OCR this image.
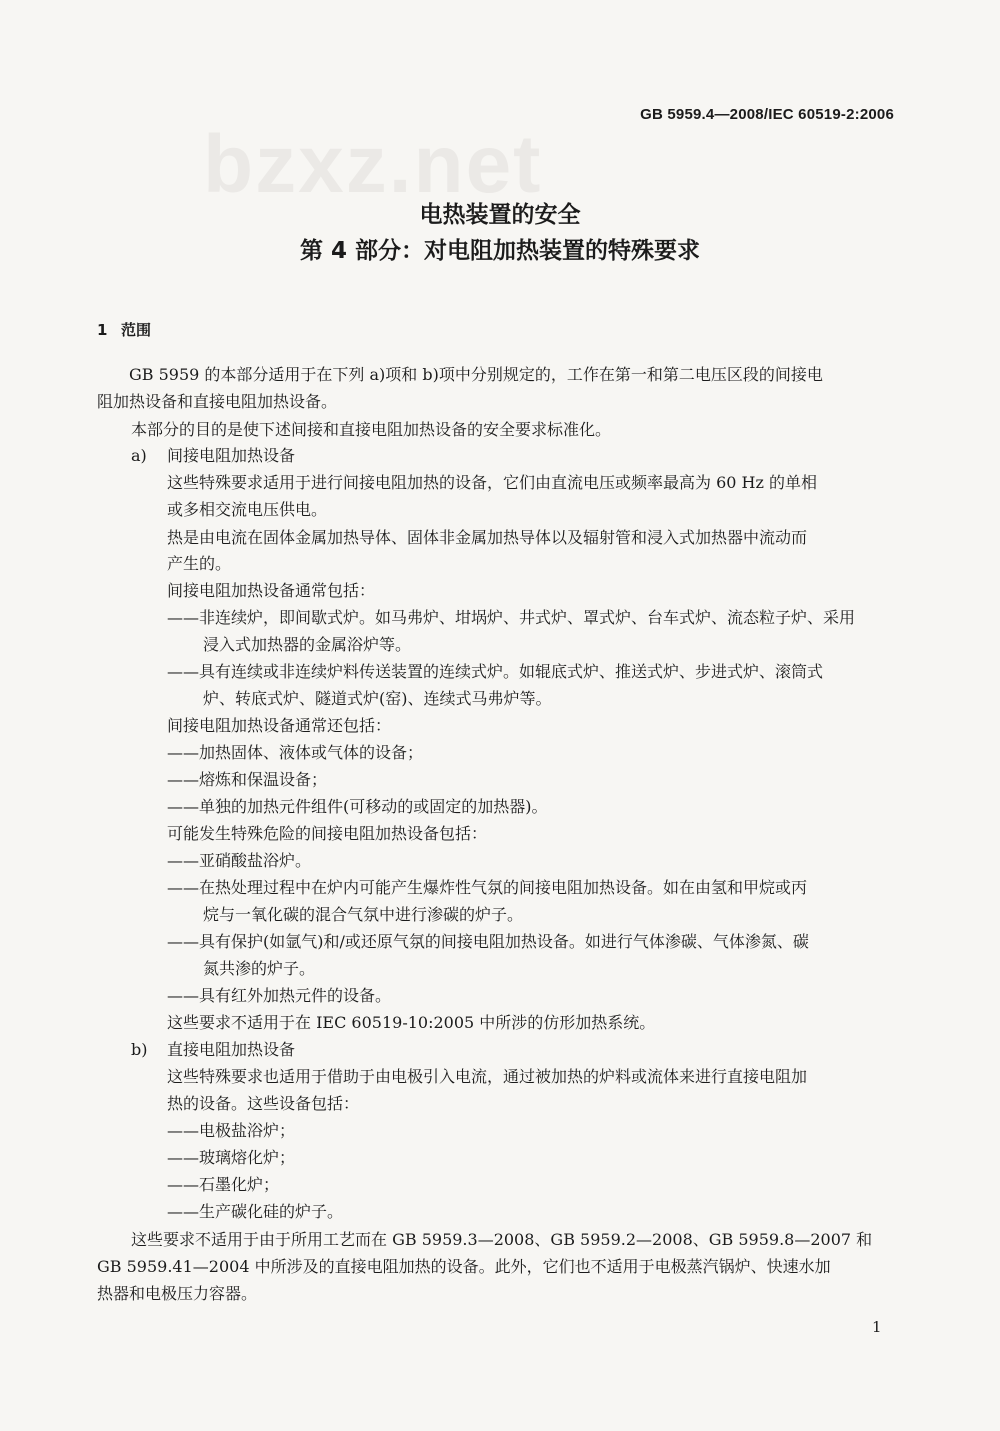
GB 5959.4—2008/IEC 60519-2:2006
bzxz.net
电热装置的安全
第 4 部分：对电阻加热装置的特殊要求
1 范围
GB 5959 的本部分适用于在下列 a)项和 b)项中分别规定的，工作在第一和第二电压区段的间接电
阻加热设备和直接电阻加热设备。
本部分的目的是使下述间接和直接电阻加热设备的安全要求标准化。
a) 间接电阻加热设备
这些特殊要求适用于进行间接电阻加热的设备，它们由直流电压或频率最高为 60 Hz 的单相
或多相交流电压供电。
热是由电流在固体金属加热导体、固体非金属加热导体以及辐射管和浸入式加热器中流动而
产生的。
间接电阻加热设备通常包括：
——非连续炉，即间歇式炉。如马弗炉、坩埚炉、井式炉、罩式炉、台车式炉、流态粒子炉、采用
浸入式加热器的金属浴炉等。
——具有连续或非连续炉料传送装置的连续式炉。如辊底式炉、推送式炉、步进式炉、滚筒式
炉、转底式炉、隧道式炉(窑)、连续式马弗炉等。
间接电阻加热设备通常还包括：
——加热固体、液体或气体的设备；
——熔炼和保温设备；
——单独的加热元件组件(可移动的或固定的加热器)。
可能发生特殊危险的间接电阻加热设备包括：
——亚硝酸盐浴炉。
——在热处理过程中在炉内可能产生爆炸性气氛的间接电阻加热设备。如在由氢和甲烷或丙
烷与一氧化碳的混合气氛中进行渗碳的炉子。
——具有保护(如氩气)和/或还原气氛的间接电阻加热设备。如进行气体渗碳、气体渗氮、碳
氮共渗的炉子。
——具有红外加热元件的设备。
这些要求不适用于在 IEC 60519-10:2005 中所涉的仿形加热系统。
b) 直接电阻加热设备
这些特殊要求也适用于借助于由电极引入电流，通过被加热的炉料或流体来进行直接电阻加
热的设备。这些设备包括：
——电极盐浴炉；
——玻璃熔化炉；
——石墨化炉；
——生产碳化硅的炉子。
这些要求不适用于由于所用工艺而在 GB 5959.3—2008、GB 5959.2—2008、GB 5959.8—2007 和
GB 5959.41—2004 中所涉及的直接电阻加热的设备。此外，它们也不适用于电极蒸汽锅炉、快速水加
热器和电极压力容器。
1
